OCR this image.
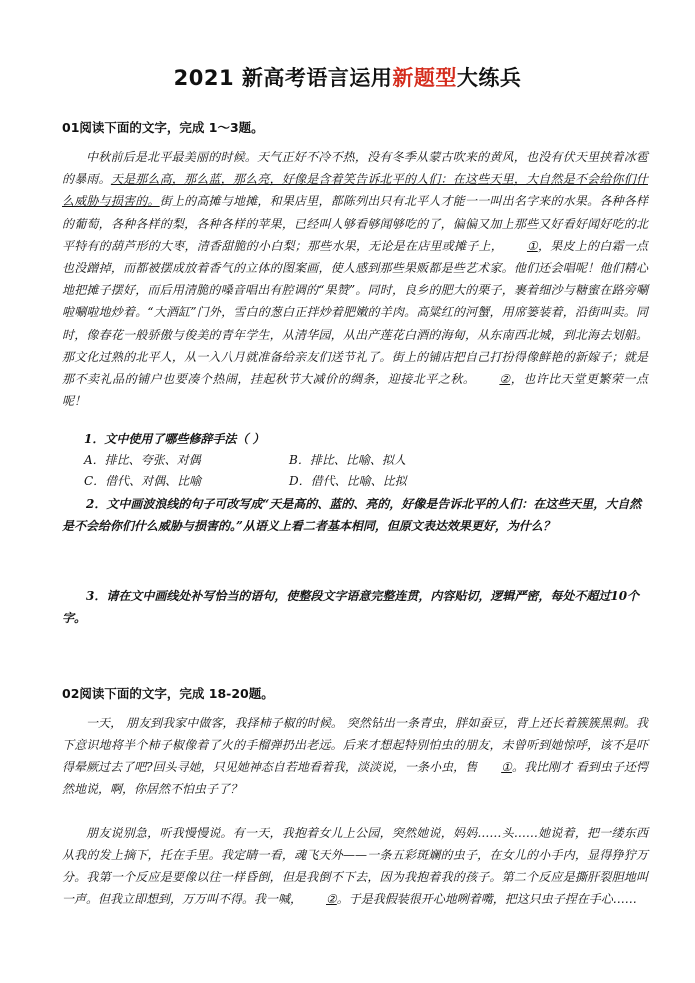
2021 新高考语言运用新题型大练兵
01阅读下面的文字，完成 1～3题。
中秋前后是北平最美丽的时候。天气正好不冷不热，没有冬季从蒙古吹来的黄风，也没有伏天里挟着冰雹的暴雨。天是那么高，那么蓝，那么亮，好像是含着笑告诉北平的人们：在这些天里，大自然是不会给你们什么威胁与损害的。街上的高摊与地摊，和果店里，都陈列出只有北平人才能一一叫出名字来的水果。各种各样的葡萄，各种各样的梨，各种各样的苹果，已经叫人够看够闻够吃的了，偏偏又加上那些又好看好闻好吃的北平特有的葫芦形的大枣，清香甜脆的小白梨；那些水果，无论是在店里或摊子上， ①，果皮上的白霜一点也没蹭掉，而都被摆成放着香气的立体的图案画，使人感到那些果贩都是些艺术家。他们还会唱呢！他们精心地把摊子摆好，而后用清脆的嗓音唱出有腔调的“果赞”。同时，良乡的肥大的栗子，裹着细沙与糖蜜在路旁唰啦唰啦地炒着。“大酒缸”门外，雪白的葱白正拌炒着肥嫩的羊肉。高粱红的河蟹，用席篓装着，沿街叫卖。同时，像春花一般骄傲与俊美的青年学生，从清华园，从出产莲花白酒的海甸，从东南西北城，到北海去划船。那文化过熟的北平人，从一入八月就准备给亲友们送节礼了。街上的铺店把自己打扮得像鲜艳的新嫁子；就是那不卖礼品的铺户也要凑个热闹，挂起秋节大减价的绸条，迎接北平之秋。 ②，也许比天堂更繁荣一点呢！
1．文中使用了哪些修辞手法（ ）
A．排比、夸张、对偶	B．排比、比喻、拟人
C．借代、对偶、比喻	D．借代、比喻、比拟
2．文中画波浪线的句子可改写成“天是高的、蓝的、亮的，好像是告诉北平的人们：在这些天里，大自然是不会给你们什么威胁与损害的。”从语义上看二者基本相同，但原文表达效果更好，为什么？
3．请在文中画线处补写恰当的语句，使整段文字语意完整连贯，内容贴切，逻辑严密，每处不超过10个字。
02阅读下面的文字，完成 18-20题。
一天， 朋友到我家中做客，我择柿子椒的时候。 突然钻出一条青虫，胖如蚕豆，背上还长着簇簇黑刺。我下意识地将半个柿子椒像着了火的手榴弹扔出老远。后来才想起特别怕虫的朋友，未曾听到她惊呼，该不是吓得晕厥过去了吧?回头寻她，只见她神态自若地看着我，淡淡说，一条小虫，售 ①。我比刚才 看到虫子还愕然地说，啊，你居然不怕虫子了？
朋友说别急，听我慢慢说。有一天，我抱着女儿上公园，突然她说，妈妈……头……她说着，把一缕东西从我的发上摘下，托在手里。我定睛一看，魂飞天外——一条五彩斑斓的虫子，在女儿的小手内，显得狰狞万分。我第一个反应是要像以往一样昏倒，但是我倒不下去，因为我抱着我的孩子。第二个反应是撕肝裂胆地叫一声。但我立即想到，万万叫不得。我一喊， ②。于是我假装很开心地咧着嘴，把这只虫子捏在手心……
